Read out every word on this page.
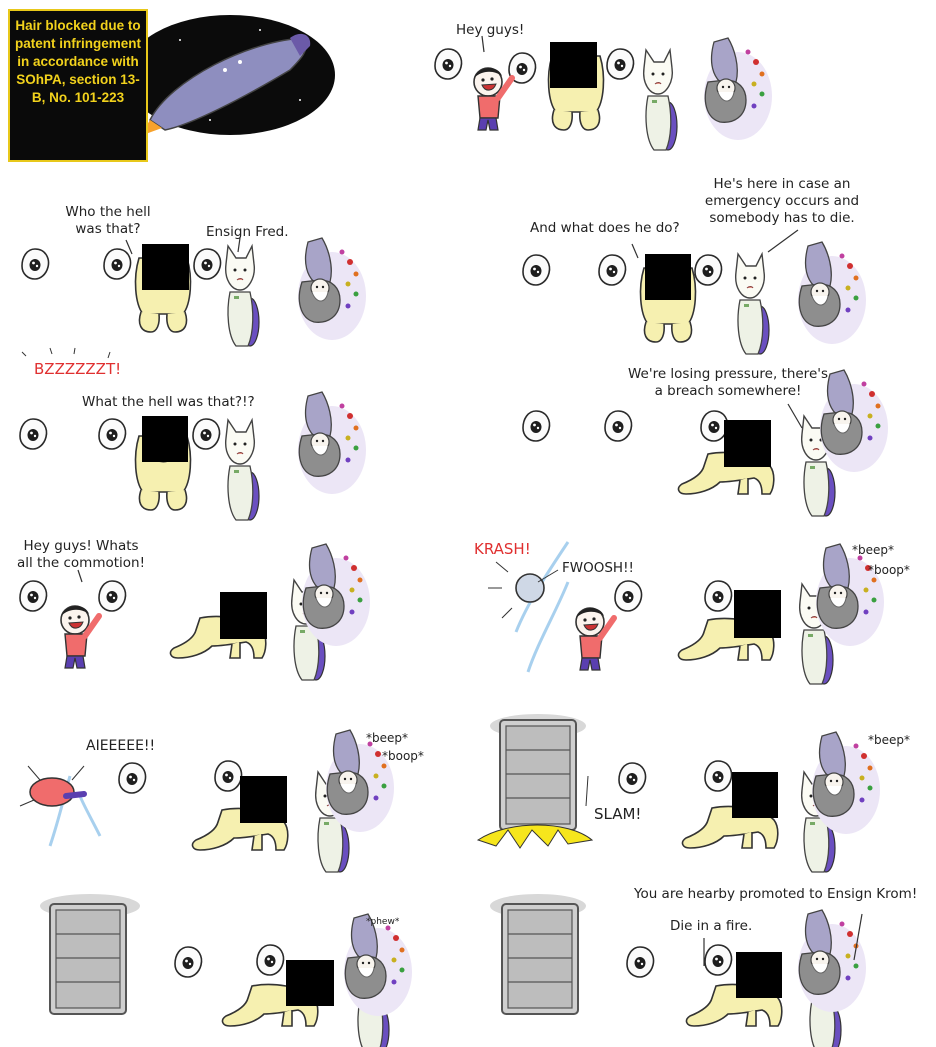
Hair blocked due to patent infringement in accordance with SOhPA, section 13-B, No. 101-223
Hey guys!
Who the hell was that?	Ensign Fred.	And what does he do?
He's here in case an emergency occurs and somebody has to die.
BZZZZZZT!
What the hell was that?!?
We're losing pressure, there's a breach somewhere!
Hey guys! Whats all the commotion!
KRASH!
FWOOSH!!
*beep*
*boop*
AIEEEEE!!	*beep*
*boop*
SLAM!
*beep*
*phew*
You are hearby promoted to Ensign Krom!
Die in a fire.
